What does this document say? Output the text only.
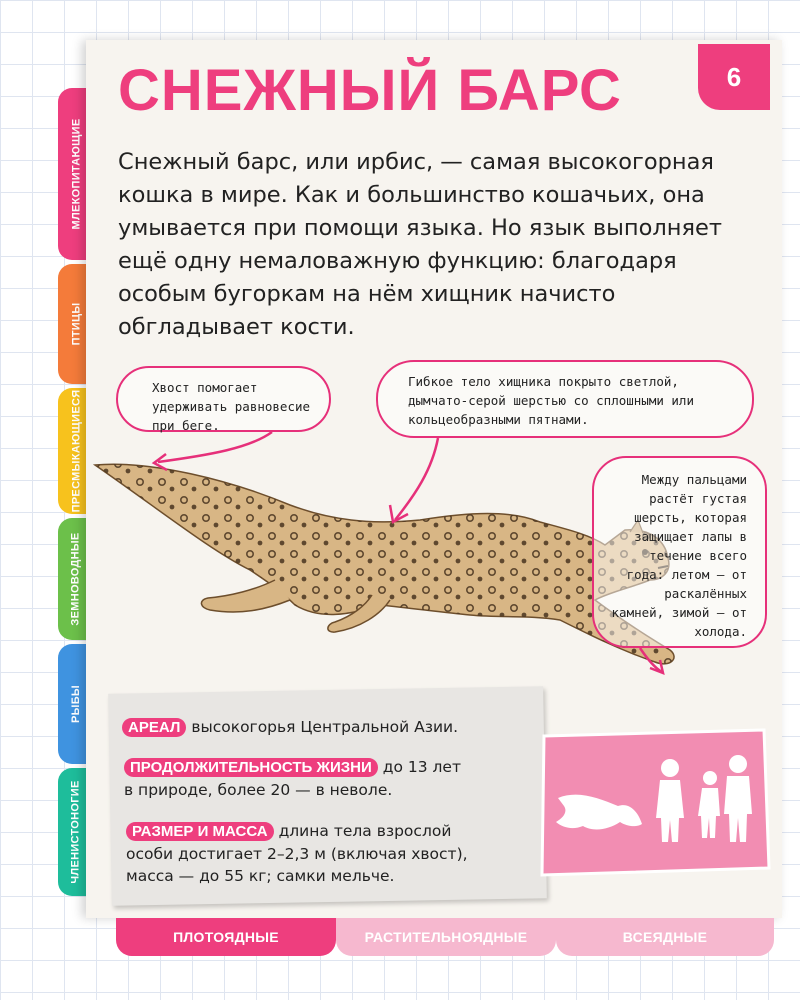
МЛЕКОПИТАЮЩИЕ
ПТИЦЫ
ПРЕСМЫКАЮЩИЕСЯ
ЗЕМНОВОДНЫЕ
РЫБЫ
ЧЛЕНИСТОНОГИЕ
6
СНЕЖНЫЙ БАРС

Снежный барс, или ирбис, — самая высокогорная кошка в мире. Как и большинство кошачьих, она умывается при помощи языка. Но язык выполняет ещё одну немаловажную функцию: благодаря особым бугоркам на нём хищник начисто обгладывает кости.

Хвост помогает удерживать равновесие при беге.
Гибкое тело хищника покрыто светлой, дымчато-серой шерстью со сплошными или кольцеобразными пятнами.
Между пальцами растёт густая шерсть, которая защищает лапы в течение всего года: летом — от раскалённых камней, зимой — от холода.
АРЕАЛ высокогорья Центральной Азии.
ПРОДОЛЖИТЕЛЬНОСТЬ ЖИЗНИ до 13 лет
в природе, более 20 — в неволе.
РАЗМЕР И МАССА длина тела взрослой
особи достигает 2–2,3 м (включая хвост),
масса — до 55 кг; самки мельче.
ПЛОТОЯДНЫЕ	РАСТИТЕЛЬНОЯДНЫЕ	ВСЕЯДНЫЕ
